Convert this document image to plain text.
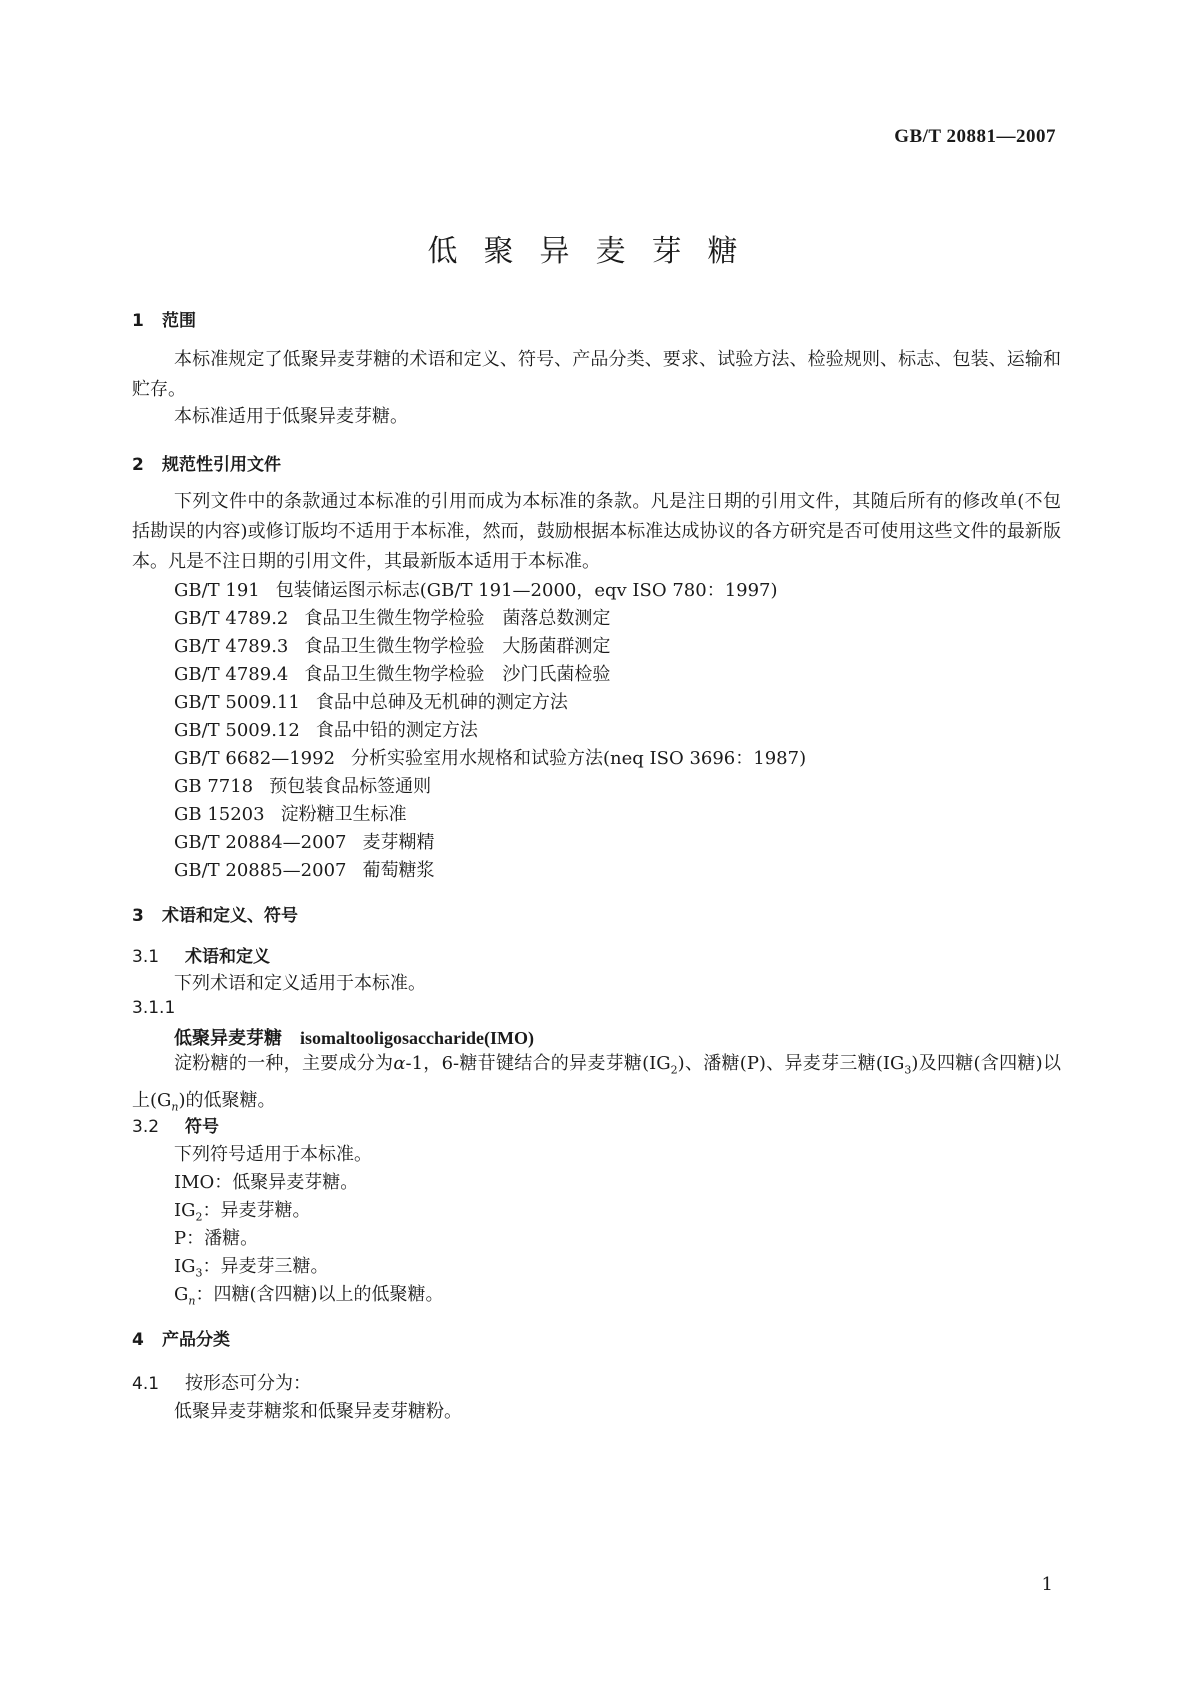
GB/T 20881—2007
低聚异麦芽糖
1 范围
本标准规定了低聚异麦芽糖的术语和定义、符号、产品分类、要求、试验方法、检验规则、标志、包装、运输和贮存。
本标准适用于低聚异麦芽糖。
2 规范性引用文件
下列文件中的条款通过本标准的引用而成为本标准的条款。凡是注日期的引用文件，其随后所有的修改单(不包括勘误的内容)或修订版均不适用于本标准，然而，鼓励根据本标准达成协议的各方研究是否可使用这些文件的最新版本。凡是不注日期的引用文件，其最新版本适用于本标准。
GB/T 191 包装储运图示标志(GB/T 191—2000，eqv ISO 780：1997)
GB/T 4789.2 食品卫生微生物学检验　菌落总数测定
GB/T 4789.3 食品卫生微生物学检验　大肠菌群测定
GB/T 4789.4 食品卫生微生物学检验　沙门氏菌检验
GB/T 5009.11 食品中总砷及无机砷的测定方法
GB/T 5009.12 食品中铅的测定方法
GB/T 6682—1992 分析实验室用水规格和试验方法(neq ISO 3696：1987)
GB 7718 预包装食品标签通则
GB 15203 淀粉糖卫生标准
GB/T 20884—2007 麦芽糊精
GB/T 20885—2007 葡萄糖浆
3 术语和定义、符号
3.1 术语和定义
下列术语和定义适用于本标准。
3.1.1
低聚异麦芽糖 isomaltooligosaccharide(IMO)
淀粉糖的一种，主要成分为α-1，6-糖苷键结合的异麦芽糖$(IG_2)$、潘糖(P)、异麦芽三糖$(IG_3)$及四糖(含四糖)以上$(G_n)$的低聚糖。
3.2 符号
下列符号适用于本标准。
IMO：低聚异麦芽糖。
$IG_2$：异麦芽糖。
P：潘糖。
$IG_3$：异麦芽三糖。
$G_n$：四糖(含四糖)以上的低聚糖。
4 产品分类
4.1 按形态可分为：
低聚异麦芽糖浆和低聚异麦芽糖粉。
1
